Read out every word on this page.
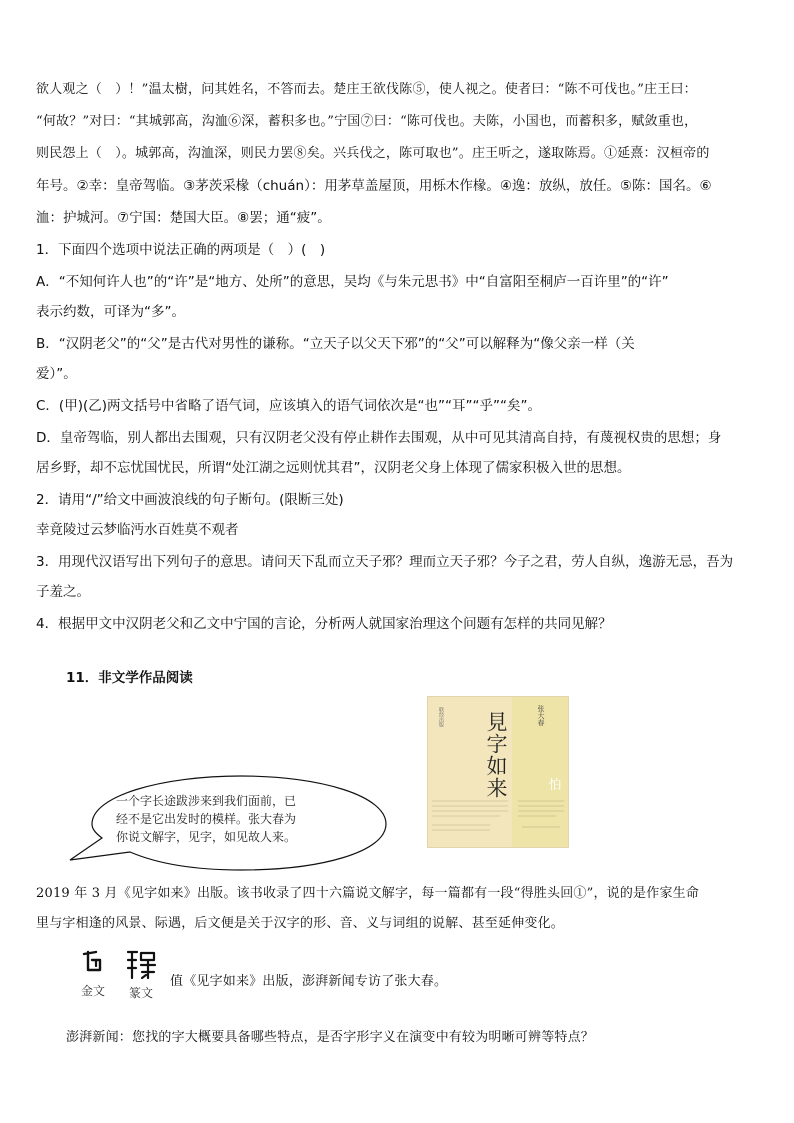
欲人观之（　）！”温太樹，问其姓名，不答而去。楚庄王欲伐陈⑤，使人视之。使者曰：“陈不可伐也。”庄王曰：
“何故？”对曰：“其城郭高，沟洫⑥深，蓄积多也。”宁国⑦曰：“陈可伐也。夫陈，小国也，而蓄积多，赋敛重也，
则民怨上（　）。城郭高，沟洫深，则民力罢⑧矣。兴兵伐之，陈可取也”。庄王听之，遂取陈焉。①延熹：汉桓帝的
年号。②幸：皇帝驾临。③茅茨采椽（chuán）：用茅草盖屋顶，用栎木作椽。④逸：放纵，放任。⑤陈：国名。⑥
洫：护城河。⑦宁国：楚国大臣。⑧罢；通“疲”。
1．下面四个选项中说法正确的两项是（　）(　)
A．“不知何许人也”的“许”是“地方、处所”的意思，吴均《与朱元思书》中“自富阳至桐庐一百许里”的“许”
表示约数，可译为“多”。
B．“汉阴老父”的“父”是古代对男性的谦称。“立天子以父天下邪”的“父”可以解释为“像父亲一样（关
爱）”。
C．(甲)(乙)两文括号中省略了语气词，应该填入的语气词依次是“也”“耳”“乎”“矣”。
D．皇帝驾临，别人都出去围观，只有汉阴老父没有停止耕作去围观，从中可见其清高自持，有蔑视权贵的思想；身
居乡野，却不忘忧国忧民，所谓“处江湖之远则忧其君”，汉阴老父身上体现了儒家积极入世的思想。
2．请用“/”给文中画波浪线的句子断句。(限断三处)
幸竟陵过云梦临沔水百姓莫不观者
3．用现代汉语写出下列句子的意思。请问天下乱而立天子邪？理而立天子邪？今子之君，劳人自纵，逸游无忌，吾为
子羞之。
4．根据甲文中汉阴老父和乙文中宁国的言论，分析两人就国家治理这个问题有怎样的共同见解？
11．非文学作品阅读
联经出版 見字如来	张大春
怕
一个字长途跋涉来到我们面前，已
经不是它出发时的模样。张大春为
你说文解字，见字，如见故人来。
2019 年 3 月《见字如来》出版。该书收录了四十六篇说文解字，每一篇都有一段“得胜头回①”，说的是作家生命
里与字相逢的风景、际遇，后文便是关于汉字的形、音、义与词组的说解、甚至延伸变化。
金文	篆文
值《见字如来》出版，澎湃新闻专访了张大春。
澎湃新闻：您找的字大概要具备哪些特点，是否字形字义在演变中有较为明晰可辨等特点？
